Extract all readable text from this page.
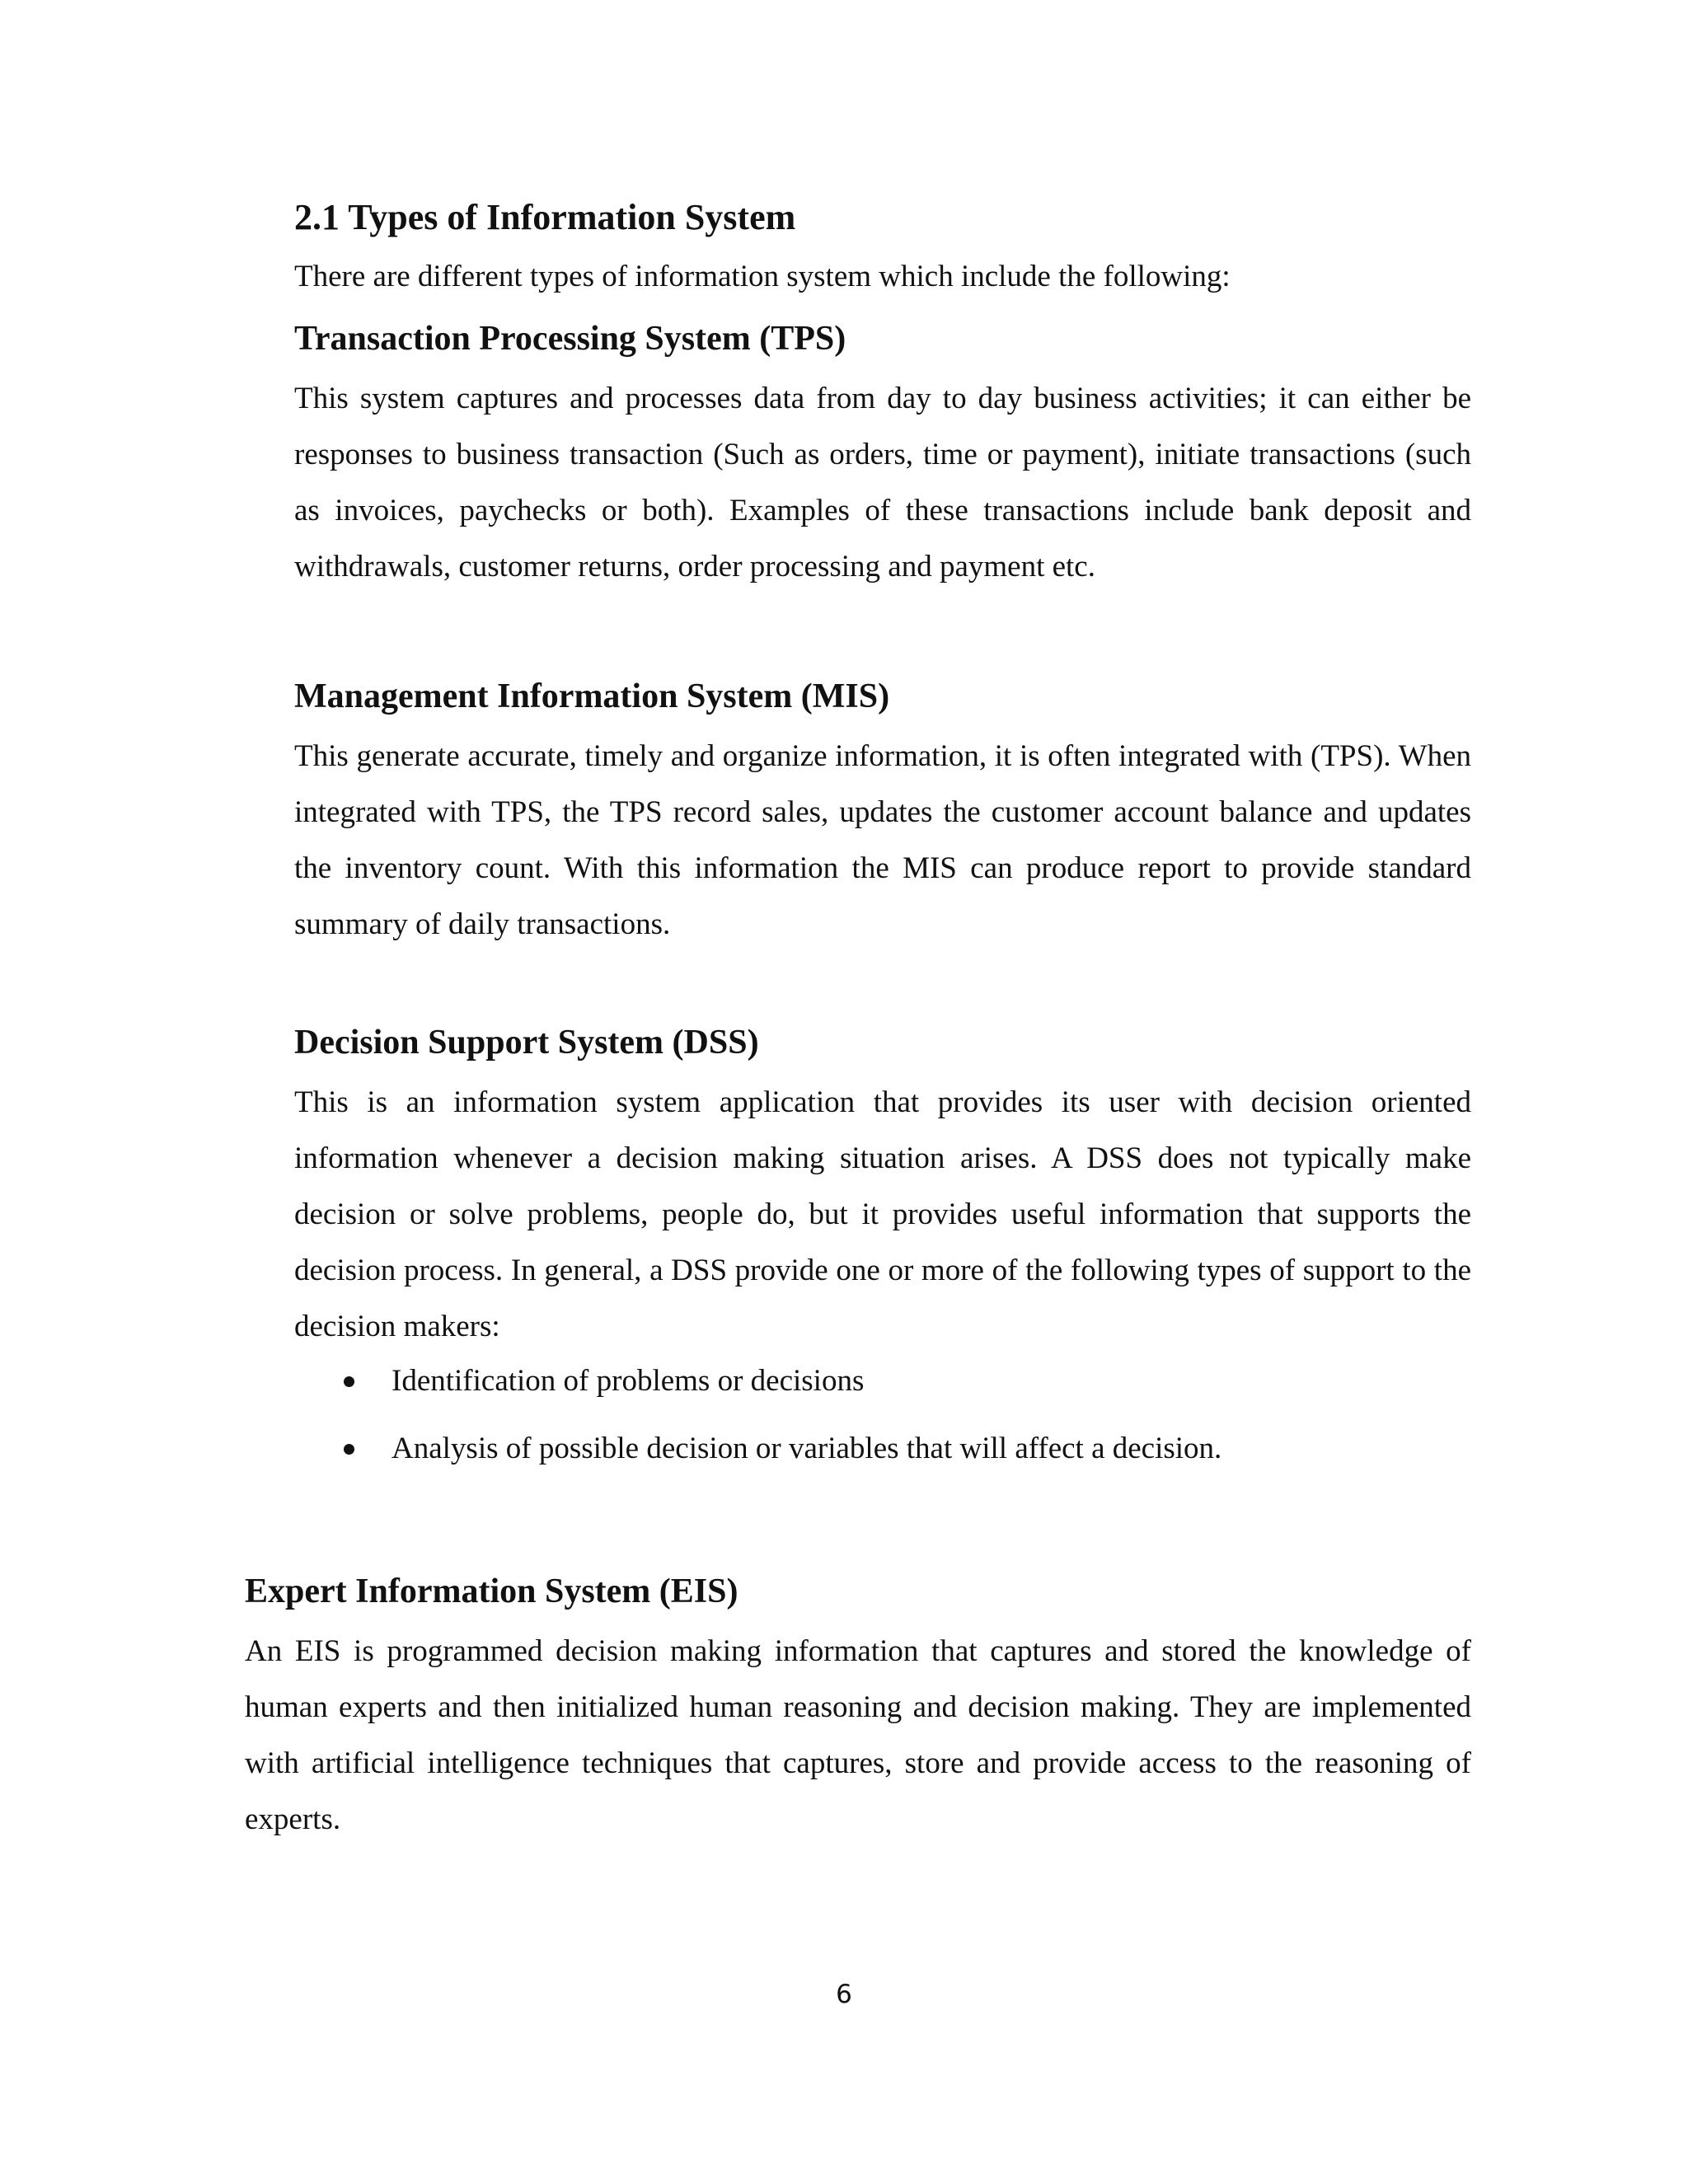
2.1 Types of Information System

There are different types of information system which include the following:

Transaction Processing System (TPS)

This system captures and processes data from day to day business activities; it can either be responses to business transaction (Such as orders, time or payment), initiate transactions (such as invoices, paychecks or both). Examples of these transactions include bank deposit and withdrawals, customer returns, order processing and payment etc.

Management Information System (MIS)

This generate accurate, timely and organize information, it is often integrated with (TPS). When integrated with TPS, the TPS record sales, updates the customer account balance and updates the inventory count. With this information the MIS can produce report to provide standard summary of daily transactions.

Decision Support System (DSS)

This is an information system application that provides its user with decision oriented information whenever a decision making situation arises. A DSS does not typically make decision or solve problems, people do, but it provides useful information that supports the decision process. In general, a DSS provide one or more of the following types of support to the decision makers:

Identification of problems or decisions
Analysis of possible decision or variables that will affect a decision.
Expert Information System (EIS)

An EIS is programmed decision making information that captures and stored the knowledge of human experts and then initialized human reasoning and decision making. They are implemented with artificial intelligence techniques that captures, store and provide access to the reasoning of experts.

6
